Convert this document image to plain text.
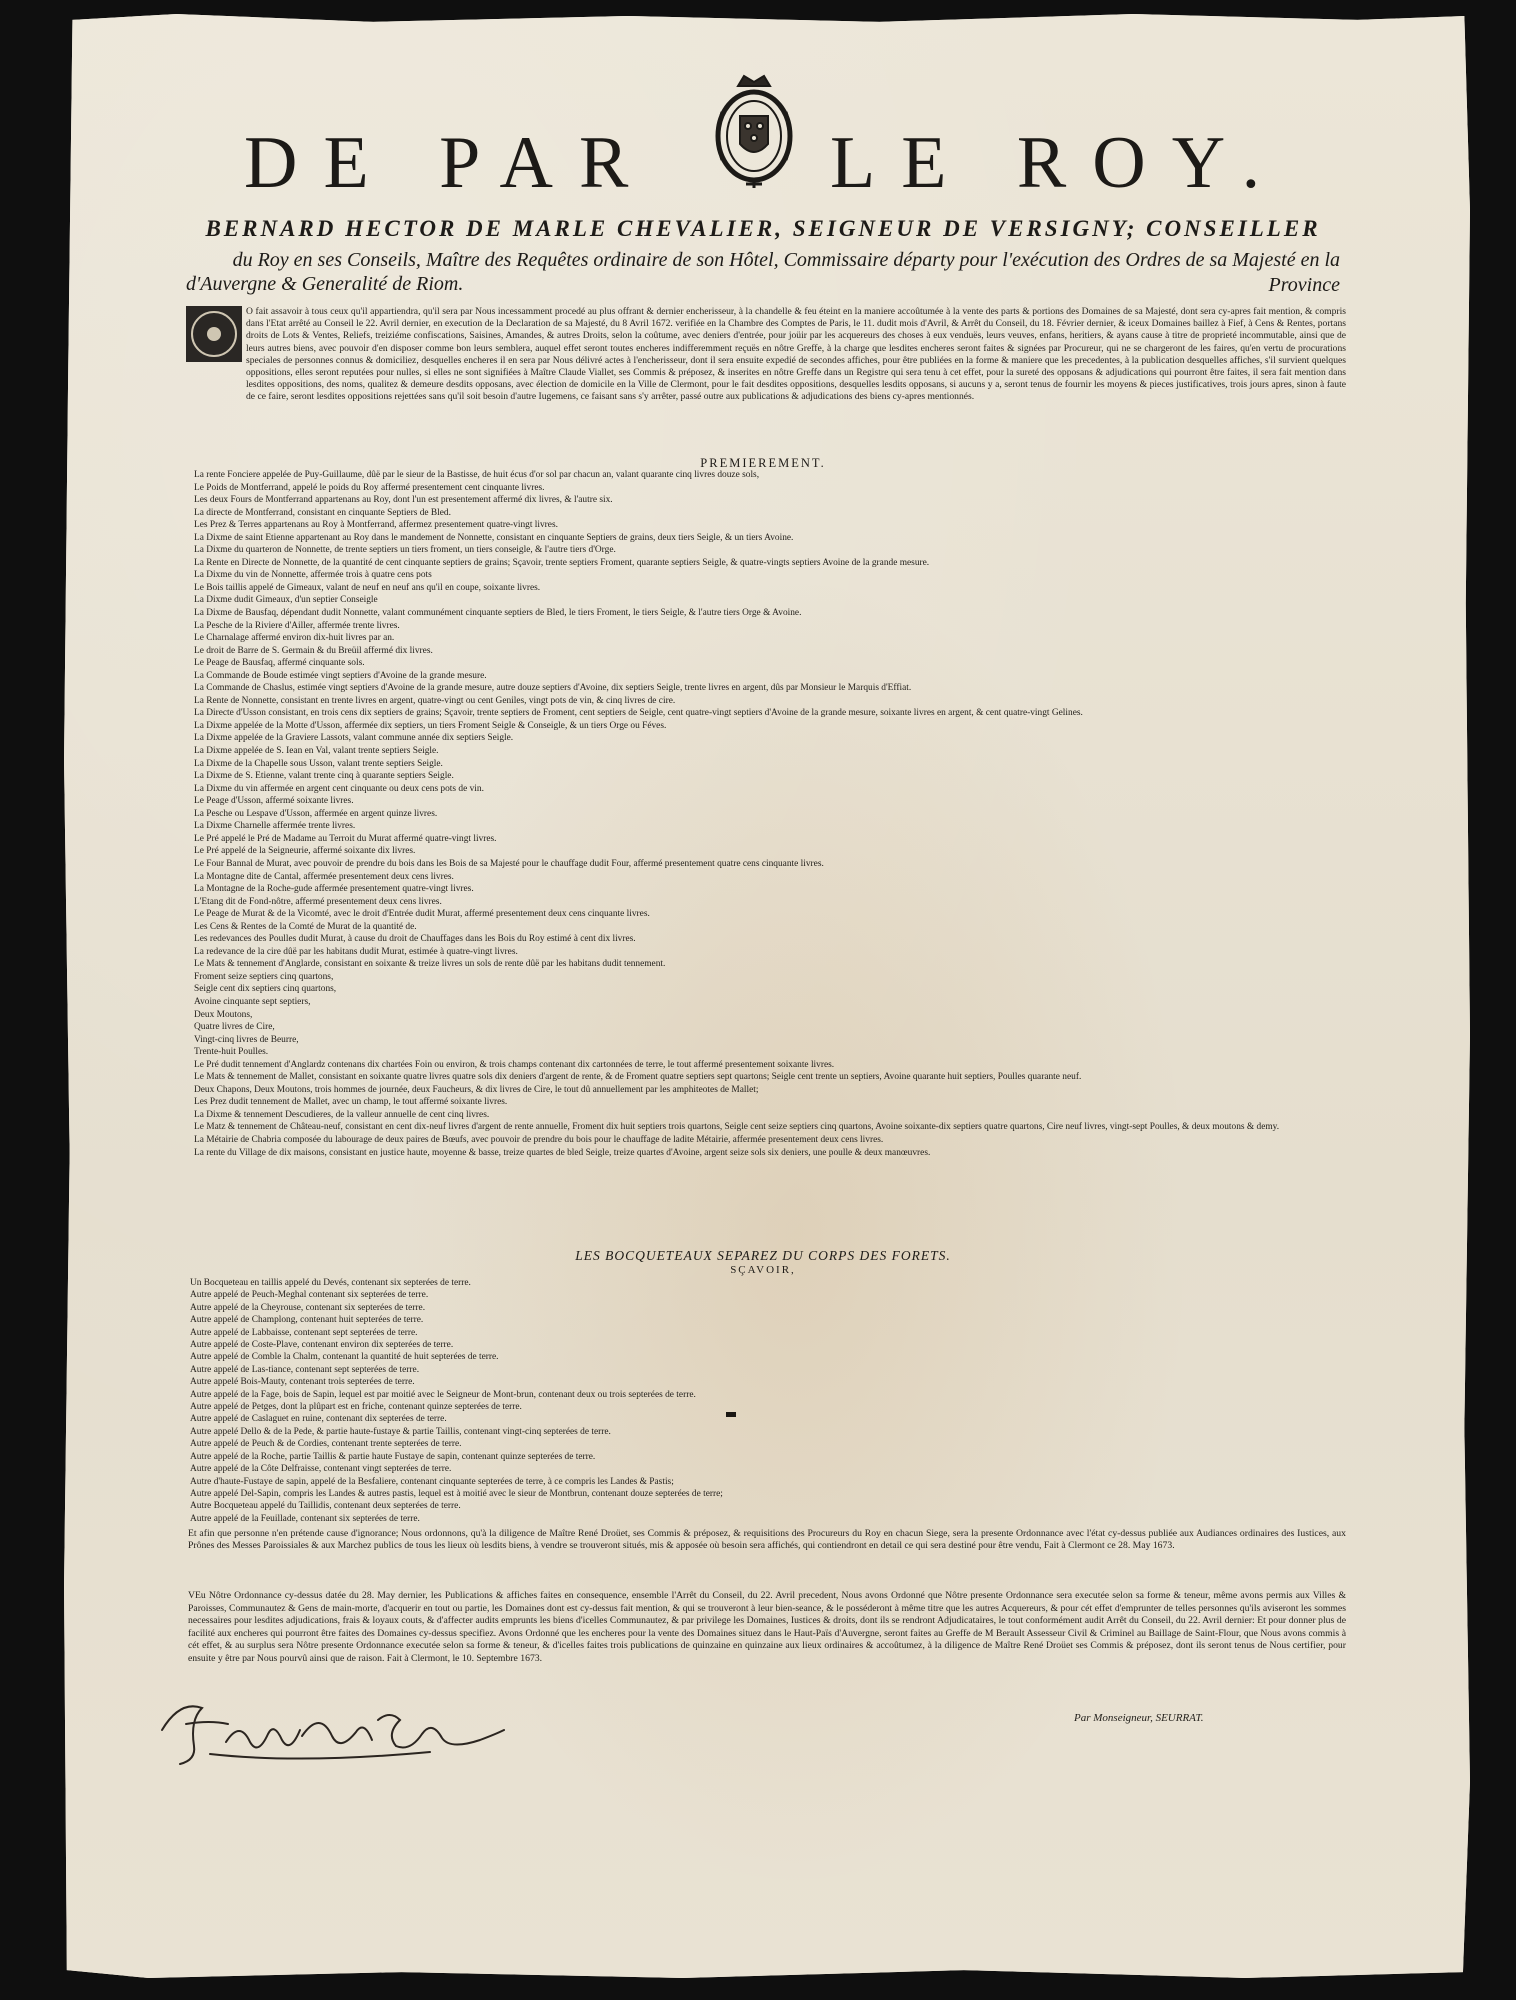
DE PAR LE ROY.

BERNARD HECTOR DE MARLE CHEVALIER, SEIGNEUR DE VERSIGNY; CONSEILLER

du Roy en ses Conseils, Maître des Requêtes ordinaire de son Hôtel, Commissaire départy pour l'exécution des Ordres de sa Majesté en la Province

d'Auvergne & Generalité de Riom.

O fait assavoir à tous ceux qu'il appartiendra, qu'il sera par Nous incessamment procedé au plus offrant & dernier encherisseur, à la chandelle & feu éteint en la maniere accoûtumée à la vente des parts & portions des Domaines de sa Majesté, dont sera cy-apres fait mention, & compris dans l'Etat arrêté au Conseil le 22. Avril dernier, en execution de la Declaration de sa Majesté, du 8 Avril 1672. verifiée en la Chambre des Comptes de Paris, le 11. dudit mois d'Avril, & Arrêt du Conseil, du 18. Février dernier, & iceux Domaines baillez à Fief, à Cens & Rentes, portans droits de Lots & Ventes, Reliefs, treiziéme confiscations, Saisines, Amandes, & autres Droits, selon la coûtume, avec deniers d'entrée, pour joüir par les acquereurs des choses à eux venduës, leurs veuves, enfans, heritiers, & ayans cause à titre de proprieté incommutable, ainsi que de leurs autres biens, avec pouvoir d'en disposer comme bon leurs semblera, auquel effet seront toutes encheres indifferemment reçuës en nôtre Greffe, à la charge que lesdites encheres seront faites & signées par Procureur, qui ne se chargeront de les faires, qu'en vertu de procurations speciales de personnes connus & domiciliez, desquelles encheres il en sera par Nous délivré actes à l'encherisseur, dont il sera ensuite expedié de secondes affiches, pour être publiées en la forme & maniere que les precedentes, à la publication desquelles affiches, s'il survient quelques oppositions, elles seront reputées pour nulles, si elles ne sont signifiées à Maître Claude Viallet, ses Commis & préposez, & inserites en nôtre Greffe dans un Registre qui sera tenu à cet effet, pour la sureté des opposans & adjudications qui pourront être faites, il sera fait mention dans lesdites oppositions, des noms, qualitez & demeure desdits opposans, avec élection de domicile en la Ville de Clermont, pour le fait desdites oppositions, desquelles lesdits opposans, si aucuns y a, seront tenus de fournir les moyens & pieces justificatives, trois jours apres, sinon à faute de ce faire, seront lesdites oppositions rejettées sans qu'il soit besoin d'autre Iugemens, ce faisant sans s'y arrêter, passé outre aux publications & adjudications des biens cy-apres mentionnés.

PREMIEREMENT.

La rente Fonciere appelée de Puy-Guillaume, dûë par le sieur de la Bastisse, de huit écus d'or sol par chacun an, valant quarante cinq livres douze sols,
Le Poids de Montferrand, appelé le poids du Roy affermé presentement cent cinquante livres.
Les deux Fours de Montferrand appartenans au Roy, dont l'un est presentement affermé dix livres, & l'autre six.
La directe de Montferrand, consistant en cinquante Septiers de Bled.
Les Prez & Terres appartenans au Roy à Montferrand, affermez presentement quatre-vingt livres.
La Dixme de saint Etienne appartenant au Roy dans le mandement de Nonnette, consistant en cinquante Septiers de grains, deux tiers Seigle, & un tiers Avoine.
La Dixme du quarteron de Nonnette, de trente septiers un tiers froment, un tiers conseigle, & l'autre tiers d'Orge.
La Rente en Directe de Nonnette, de la quantité de cent cinquante septiers de grains; Sçavoir, trente septiers Froment, quarante septiers Seigle, & quatre-vingts septiers Avoine de la grande mesure.
La Dixme du vin de Nonnette, affermée trois à quatre cens pots
Le Bois taillis appelé de Gimeaux, valant de neuf en neuf ans qu'il en coupe, soixante livres.
La Dixme dudit Gimeaux, d'un septier Conseigle
La Dixme de Bausfaq, dépendant dudit Nonnette, valant communément cinquante septiers de Bled, le tiers Froment, le tiers Seigle, & l'autre tiers Orge & Avoine.
La Pesche de la Riviere d'Ailler, affermée trente livres.
Le Charnalage affermé environ dix-huit livres par an.
Le droit de Barre de S. Germain & du Breüil affermé dix livres.
Le Peage de Bausfaq, affermé cinquante sols.
La Commande de Boude estimée vingt septiers d'Avoine de la grande mesure.
La Commande de Chaslus, estimée vingt septiers d'Avoine de la grande mesure, autre douze septiers d'Avoine, dix septiers Seigle, trente livres en argent, dûs par Monsieur le Marquis d'Effiat.
La Rente de Nonnette, consistant en trente livres en argent, quatre-vingt ou cent Geniles, vingt pots de vin, & cinq livres de cire.
La Directe d'Usson consistant, en trois cens dix septiers de grains; Sçavoir, trente septiers de Froment, cent septiers de Seigle, cent quatre-vingt septiers d'Avoine de la grande mesure, soixante livres en argent, & cent quatre-vingt Gelines.
La Dixme appelée de la Motte d'Usson, affermée dix septiers, un tiers Froment Seigle & Conseigle, & un tiers Orge ou Féves.
La Dixme appelée de la Graviere Lassots, valant commune année dix septiers Seigle.
La Dixme appelée de S. Iean en Val, valant trente septiers Seigle.
La Dixme de la Chapelle sous Usson, valant trente septiers Seigle.
La Dixme de S. Etienne, valant trente cinq à quarante septiers Seigle.
La Dixme du vin affermée en argent cent cinquante ou deux cens pots de vin.
Le Peage d'Usson, affermé soixante livres.
La Pesche ou Lespave d'Usson, affermée en argent quinze livres.
La Dixme Charnelle affermée trente livres.
Le Pré appelé le Pré de Madame au Terroit du Murat affermé quatre-vingt livres.
Le Pré appelé de la Seigneurie, affermé soixante dix livres.
Le Four Bannal de Murat, avec pouvoir de prendre du bois dans les Bois de sa Majesté pour le chauffage dudit Four, affermé presentement quatre cens cinquante livres.
La Montagne dite de Cantal, affermée presentement deux cens livres.
La Montagne de la Roche-gude affermée presentement quatre-vingt livres.
L'Etang dit de Fond-nôtre, affermé presentement deux cens livres.
Le Peage de Murat & de la Vicomté, avec le droit d'Entrée dudit Murat, affermé presentement deux cens cinquante livres.
Les Cens & Rentes de la Comté de Murat de la quantité de.
Les redevances des Poulles dudit Murat, à cause du droit de Chauffages dans les Bois du Roy estimé à cent dix livres.
La redevance de la cire dûë par les habitans dudit Murat, estimée à quatre-vingt livres.
Le Mats & tennement d'Anglarde, consistant en soixante & treize livres un sols de rente dûë par les habitans dudit tennement.
Froment seize septiers cinq quartons,
Seigle cent dix septiers cinq quartons,
Avoine cinquante sept septiers,
Deux Moutons,
Quatre livres de Cire,
Vingt-cinq livres de Beurre,
Trente-huit Poulles.
Le Pré dudit tennement d'Anglardz contenans dix chartées Foin ou environ, & trois champs contenant dix cartonnées de terre, le tout affermé presentement soixante livres.
Le Mats & tennement de Mallet, consistant en soixante quatre livres quatre sols dix deniers d'argent de rente, & de Froment quatre septiers sept quartons; Seigle cent trente un septiers, Avoine quarante huit septiers, Poulles quarante neuf.
Deux Chapons, Deux Moutons, trois hommes de journée, deux Faucheurs, & dix livres de Cire, le tout dû annuellement par les amphiteotes de Mallet;
Les Prez dudit tennement de Mallet, avec un champ, le tout affermé soixante livres.
La Dixme & tennement Descudieres, de la valleur annuelle de cent cinq livres.
Le Matz & tennement de Château-neuf, consistant en cent dix-neuf livres d'argent de rente annuelle, Froment dix huit septiers trois quartons, Seigle cent seize septiers cinq quartons, Avoine soixante-dix septiers quatre quartons, Cire neuf livres, vingt-sept Poulles, & deux moutons & demy.
La Métairie de Chabria composée du labourage de deux paires de Bœufs, avec pouvoir de prendre du bois pour le chauffage de ladite Métairie, affermée presentement deux cens livres.
La rente du Village de dix maisons, consistant en justice haute, moyenne & basse, treize quartes de bled Seigle, treize quartes d'Avoine, argent seize sols six deniers, une poulle & deux manœuvres.

LES BOCQUETEAUX SEPAREZ DU CORPS DES FORETS.

SÇAVOIR,

Un Bocqueteau en taillis appelé du Devés, contenant six septerées de terre.
Autre appelé de Peuch-Meghal contenant six septerées de terre.
Autre appelé de la Cheyrouse, contenant six septerées de terre.
Autre appelé de Champlong, contenant huit septerées de terre.
Autre appelé de Labbaisse, contenant sept septerées de terre.
Autre appelé de Coste-Plave, contenant environ dix septerées de terre.
Autre appelé de Comble la Chalm, contenant la quantité de huit septerées de terre.
Autre appelé de Las-tiance, contenant sept septerées de terre.
Autre appelé Bois-Mauty, contenant trois septerées de terre.
Autre appelé de la Fage, bois de Sapin, lequel est par moitié avec le Seigneur de Mont-brun, contenant deux ou trois septerées de terre.
Autre appelé de Petges, dont la plûpart est en friche, contenant quinze septerées de terre.
Autre appelé de Caslaguet en ruine, contenant dix septerées de terre.
Autre appelé Dello & de la Pede, & partie haute-fustaye & partie Taillis, contenant vingt-cinq septerées de terre.
Autre appelé de Peuch & de Cordies, contenant trente septerées de terre.
Autre appelé de la Roche, partie Taillis & partie haute Fustaye de sapin, contenant quinze septerées de terre.
Autre appelé de la Côte Delfraisse, contenant vingt septerées de terre.
Autre d'haute-Fustaye de sapin, appelé de la Besfaliere, contenant cinquante septerées de terre, à ce compris les Landes & Pastis;
Autre appelé Del-Sapin, compris les Landes & autres pastis, lequel est à moitié avec le sieur de Montbrun, contenant douze septerées de terre;
Autre Bocqueteau appelé du Taillidis, contenant deux septerées de terre.
Autre appelé de la Feuillade, contenant six septerées de terre.

Et afin que personne n'en prétende cause d'ignorance; Nous ordonnons, qu'à la diligence de Maître René Droüet, ses Commis & préposez, & requisitions des Procureurs du Roy en chacun Siege, sera la presente Ordonnance avec l'état cy-dessus publiée aux Audiances ordinaires des Iustices, aux Prônes des Messes Paroissiales & aux Marchez publics de tous les lieux où lesdits biens, à vendre se trouveront situés, mis & apposée où besoin sera affichés, qui contiendront en detail ce qui sera destiné pour être vendu, Fait à Clermont ce 28. May 1673.

VEu Nôtre Ordonnance cy-dessus datée du 28. May dernier, les Publications & affiches faites en consequence, ensemble l'Arrêt du Conseil, du 22. Avril precedent, Nous avons Ordonné que Nôtre presente Ordonnance sera executée selon sa forme & teneur, même avons permis aux Villes & Paroisses, Communautez & Gens de main-morte, d'acquerir en tout ou partie, les Domaines dont est cy-dessus fait mention, & qui se trouveront à leur bien-seance, & le posséderont à même titre que les autres Acquereurs, & pour cét effet d'emprunter de telles personnes qu'ils aviseront les sommes necessaires pour lesdites adjudications, frais & loyaux couts, & d'affecter audits emprunts les biens d'icelles Communautez, & par privilege les Domaines, Iustices & droits, dont ils se rendront Adjudicataires, le tout conformément audit Arrêt du Conseil, du 22. Avril dernier: Et pour donner plus de facilité aux encheres qui pourront être faites des Domaines cy-dessus specifiez. Avons Ordonné que les encheres pour la vente des Domaines situez dans le Haut-Païs d'Auvergne, seront faites au Greffe de M Berault Assesseur Civil & Criminel au Baillage de Saint-Flour, que Nous avons commis à cét effet, & au surplus sera Nôtre presente Ordonnance executée selon sa forme & teneur, & d'icelles faites trois publications de quinzaine en quinzaine aux lieux ordinaires & accoûtumez, à la diligence de Maître René Droüet ses Commis & préposez, dont ils seront tenus de Nous certifier, pour ensuite y être par Nous pourvû ainsi que de raison. Fait à Clermont, le 10. Septembre 1673.

Par Monseigneur, SEURRAT.
